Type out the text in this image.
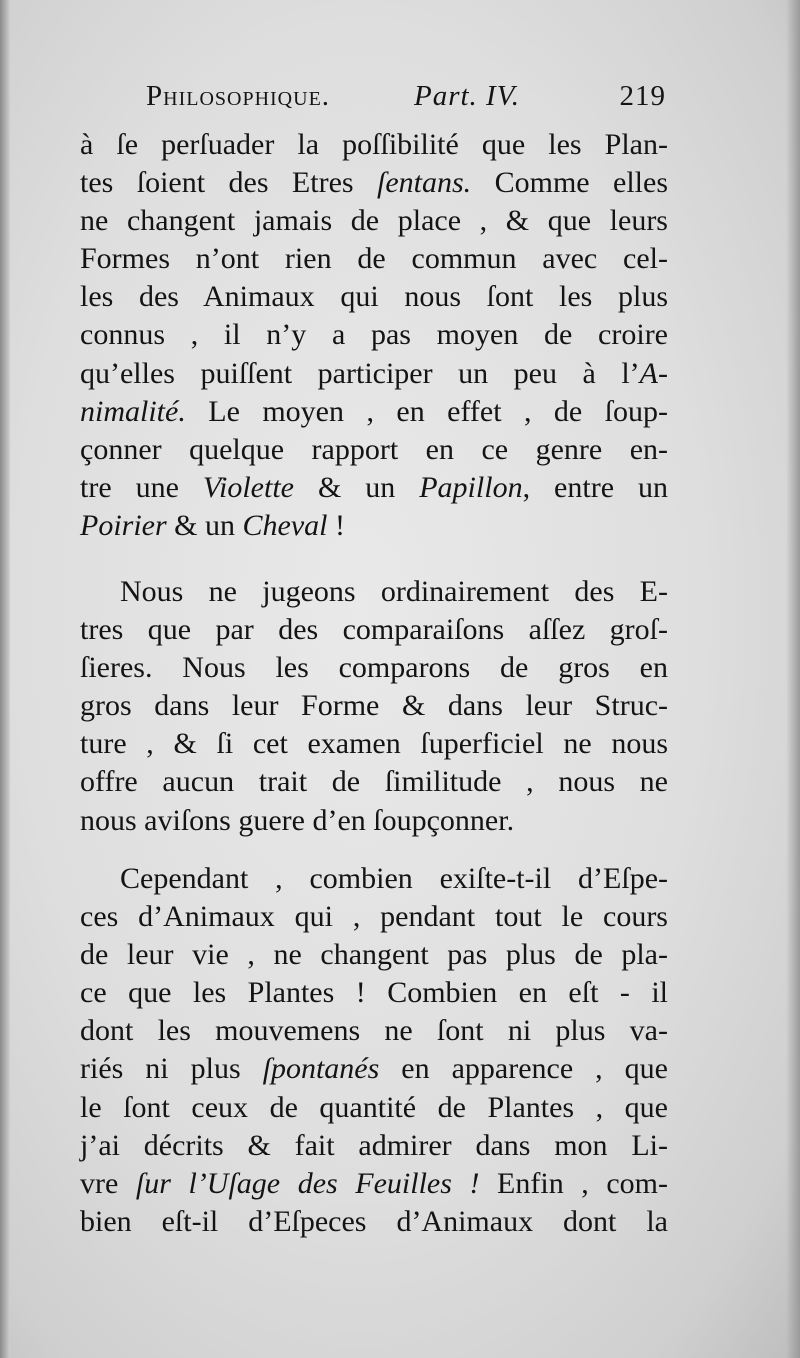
Philosophique.	Part. IV.	219
à ſe perſuader la poſſibilité que les Plan-
tes ſoient des Etres ſentans. Comme elles
ne changent jamais de place , & que leurs
Formes n’ont rien de commun avec cel-
les des Animaux qui nous ſont les plus
connus , il n’y a pas moyen de croire
qu’elles puiſſent participer un peu à l’A-
nimalité. Le moyen , en effet , de ſoup-
çonner quelque rapport en ce genre en-
tre une Violette & un Papillon, entre un
Poirier & un Cheval !
Nous ne jugeons ordinairement des E-
tres que par des comparaiſons aſſez groſ-
ſieres. Nous les comparons de gros en
gros dans leur Forme & dans leur Struc-
ture , & ſi cet examen ſuperficiel ne nous
offre aucun trait de ſimilitude , nous ne
nous aviſons guere d’en ſoupçonner.
Cependant , combien exiſte-t-il d’Eſpe-
ces d’Animaux qui , pendant tout le cours
de leur vie , ne changent pas plus de pla-
ce que les Plantes ! Combien en eſt - il
dont les mouvemens ne ſont ni plus va-
riés ni plus ſpontanés en apparence , que
le ſont ceux de quantité de Plantes , que
j’ai décrits & fait admirer dans mon Li-
vre ſur l’Uſage des Feuilles ! Enfin , com-
bien eſt-il d’Eſpeces d’Animaux dont la
